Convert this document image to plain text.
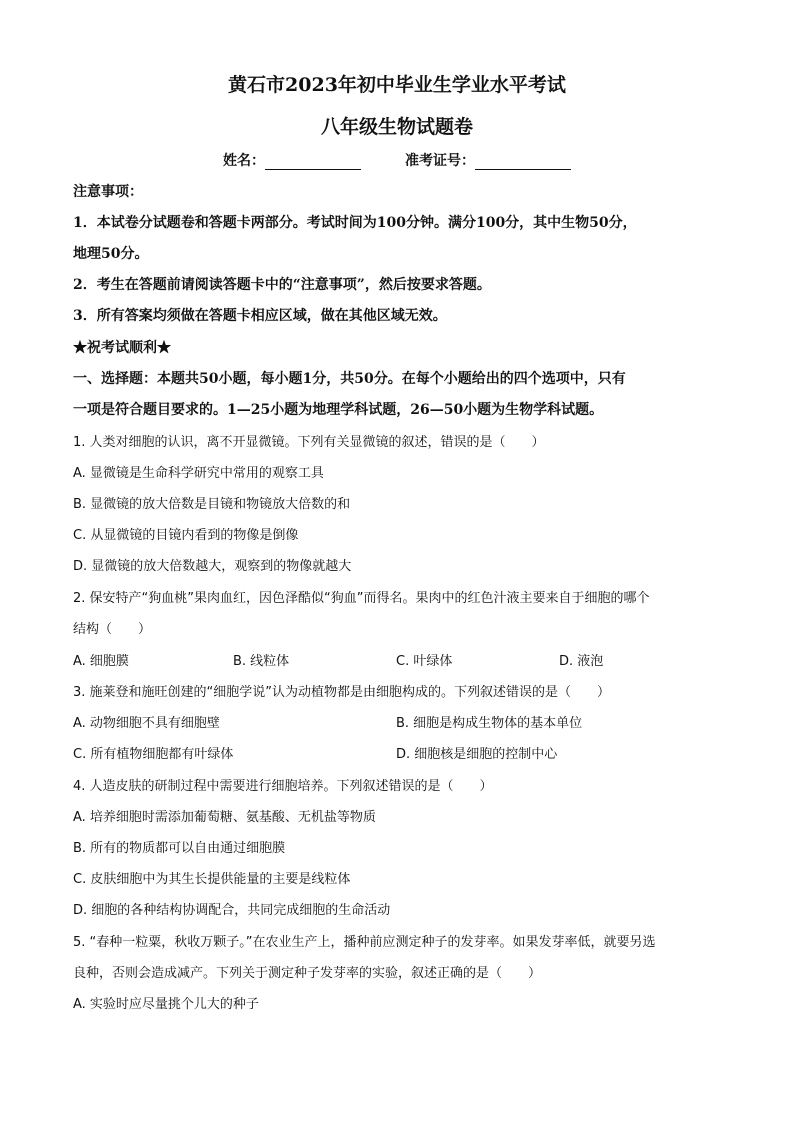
黄石市2023年初中毕业生学业水平考试
八年级生物试题卷
姓名：	准考证号：
注意事项：
1．本试卷分试题卷和答题卡两部分。考试时间为100分钟。满分100分，其中生物50分，
地理50分。
2．考生在答题前请阅读答题卡中的“注意事项”，然后按要求答题。
3．所有答案均须做在答题卡相应区域，做在其他区域无效。
★祝考试顺利★
一、选择题：本题共50小题，每小题1分，共50分。在每个小题给出的四个选项中，只有
一项是符合题目要求的。1—25小题为地理学科试题，26—50小题为生物学科试题。
1. 人类对细胞的认识，离不开显微镜。下列有关显微镜的叙述，错误的是（　　）
A. 显微镜是生命科学研究中常用的观察工具
B. 显微镜的放大倍数是目镜和物镜放大倍数的和
C. 从显微镜的目镜内看到的物像是倒像
D. 显微镜的放大倍数越大，观察到的物像就越大
2. 保安特产“狗血桃”果肉血红，因色泽酷似“狗血”而得名。果肉中的红色汁液主要来自于细胞的哪个
结构（　　）
A. 细胞膜	B. 线粒体	C. 叶绿体	D. 液泡
3. 施莱登和施旺创建的“细胞学说”认为动植物都是由细胞构成的。下列叙述错误的是（　　）
A. 动物细胞不具有细胞壁	B. 细胞是构成生物体的基本单位
C. 所有植物细胞都有叶绿体	D. 细胞核是细胞的控制中心
4. 人造皮肤的研制过程中需要进行细胞培养。下列叙述错误的是（　　）
A. 培养细胞时需添加葡萄糖、氨基酸、无机盐等物质
B. 所有的物质都可以自由通过细胞膜
C. 皮肤细胞中为其生长提供能量的主要是线粒体
D. 细胞的各种结构协调配合，共同完成细胞的生命活动
5. “春种一粒粟，秋收万颗子。”在农业生产上，播种前应测定种子的发芽率。如果发芽率低，就要另选
良种，否则会造成减产。下列关于测定种子发芽率的实验，叙述正确的是（　　）
A. 实验时应尽量挑个儿大的种子
